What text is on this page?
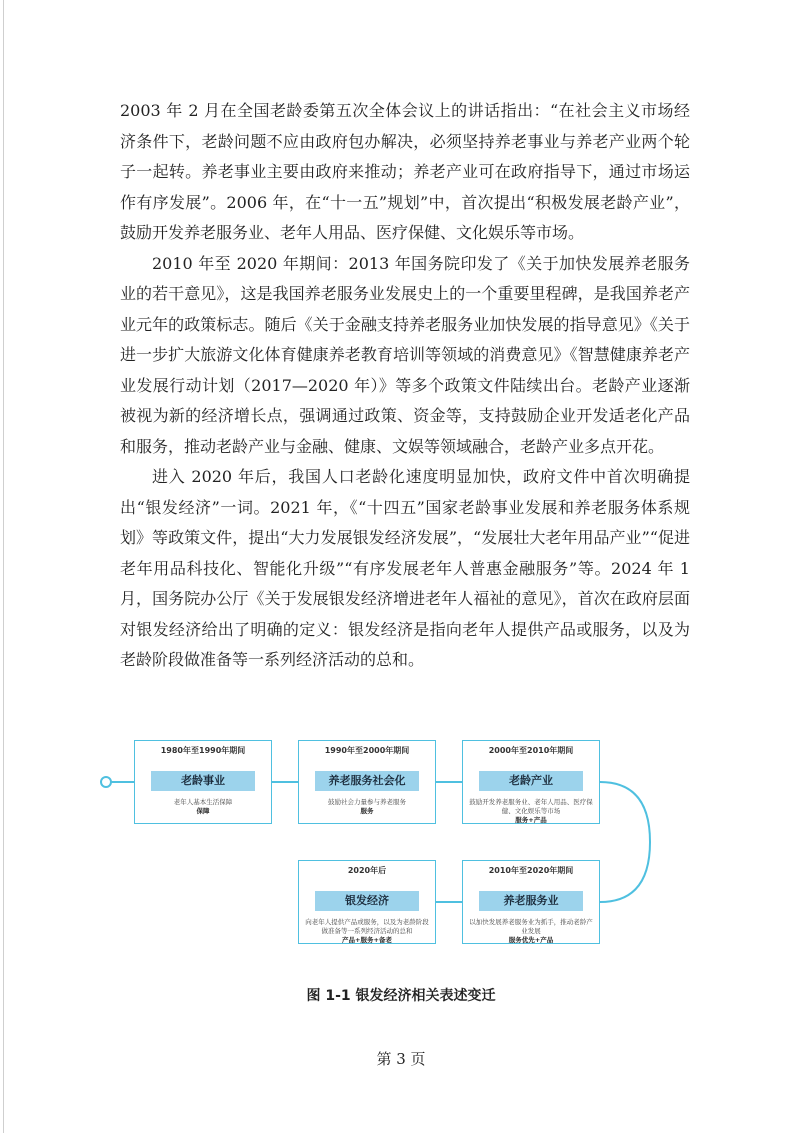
2003 年 2 月在全国老龄委第五次全体会议上的讲话指出：“在社会主义市场经济条件下，老龄问题不应由政府包办解决，必须坚持养老事业与养老产业两个轮子一起转。养老事业主要由政府来推动；养老产业可在政府指导下，通过市场运作有序发展”。2006 年，在“十一五”规划”中，首次提出“积极发展老龄产业”，鼓励开发养老服务业、老年人用品、医疗保健、文化娱乐等市场。

2010 年至 2020 年期间：2013 年国务院印发了《关于加快发展养老服务业的若干意见》，这是我国养老服务业发展史上的一个重要里程碑，是我国养老产业元年的政策标志。随后《关于金融支持养老服务业加快发展的指导意见》《关于进一步扩大旅游文化体育健康养老教育培训等领域的消费意见》《智慧健康养老产业发展行动计划（2017—2020 年）》等多个政策文件陆续出台。老龄产业逐渐被视为新的经济增长点，强调通过政策、资金等，支持鼓励企业开发适老化产品和服务，推动老龄产业与金融、健康、文娱等领域融合，老龄产业多点开花。

进入 2020 年后，我国人口老龄化速度明显加快，政府文件中首次明确提出“银发经济”一词。2021 年，《“十四五”国家老龄事业发展和养老服务体系规划》等政策文件，提出“大力发展银发经济发展”，“发展壮大老年用品产业”“促进老年用品科技化、智能化升级”“有序发展老年人普惠金融服务”等。2024 年 1 月，国务院办公厅《关于发展银发经济增进老年人福祉的意见》，首次在政府层面对银发经济给出了明确的定义：银发经济是指向老年人提供产品或服务，以及为老龄阶段做准备等一系列经济活动的总和。

1980年至1990年期间
老龄事业
老年人基本生活保障
保障
1990年至2000年期间
养老服务社会化
鼓励社会力量参与养老服务
服务
2000年至2010年期间
老龄产业
鼓励开发养老服务业、老年人用品、医疗保健、文化娱乐等市场
服务+产品
2010年至2020年期间
养老服务业
以加快发展养老服务业为抓手，推动老龄产业发展
服务优先+产品
2020年后
银发经济
向老年人提供产品或服务，以及为老龄阶段做准备等一系列经济活动的总和
产品+服务+备老
图 1-1 银发经济相关表述变迁
第 3 页
